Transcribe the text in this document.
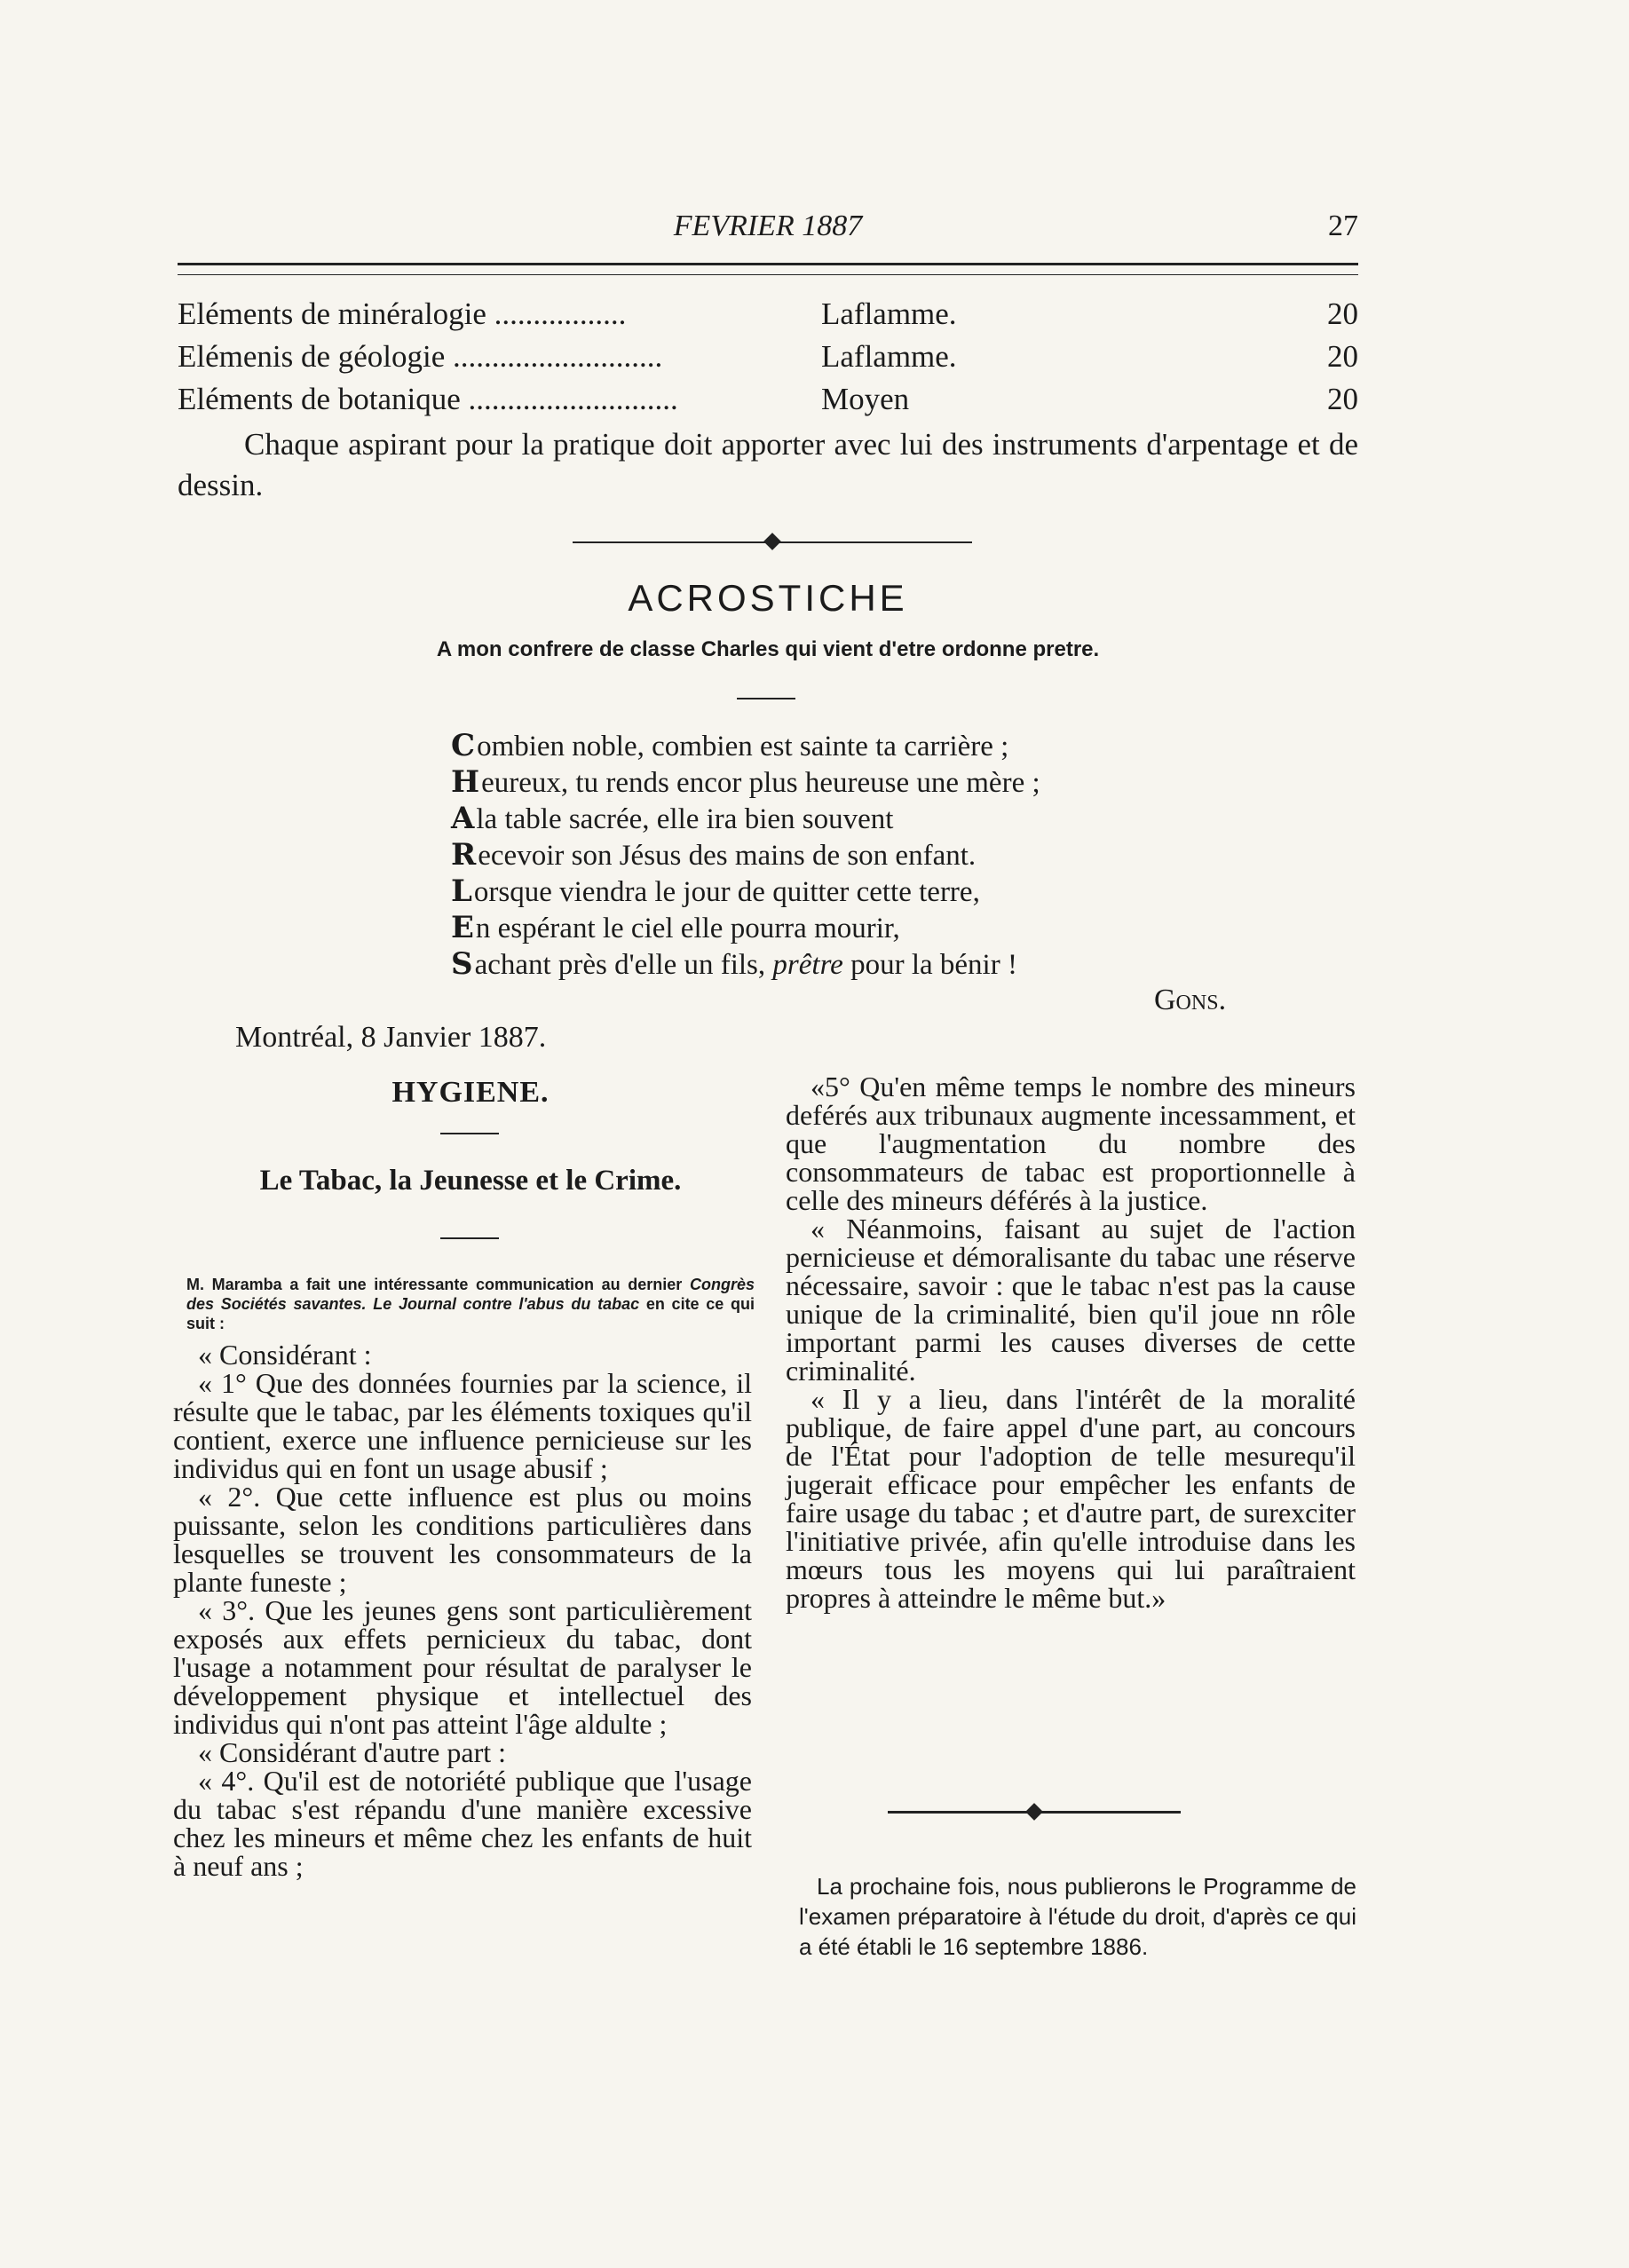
FEVRIER 1887	27
Eléments de minéralogie .................	Laflamme.	20
Elémenis de géologie ...........................	Laflamme.	20
Eléments de botanique ...........................	Moyen	20
Chaque aspirant pour la pratique doit apporter avec lui des instruments d'arpentage et de dessin.
ACROSTICHE
A mon confrere de classe Charles qui vient d'etre ordonne pretre.
Combien noble, combien est sainte ta carrière ;
Heureux, tu rends encor plus heureuse une mère ;
Ala table sacrée, elle ira bien souvent
Recevoir son Jésus des mains de son enfant.
Lorsque viendra le jour de quitter cette terre,
En espérant le ciel elle pourra mourir,
Sachant près d'elle un fils, prêtre pour la bénir !
Gons.
Montréal, 8 Janvier 1887.
HYGIENE.
Le Tabac, la Jeunesse et le Crime.
M. Maramba a fait une intéressante communication au dernier Congrès des Sociétés savantes. Le Journal contre l'abus du tabac en cite ce qui suit :

« Considérant :

« 1° Que des données fournies par la science, il résulte que le tabac, par les éléments toxiques qu'il contient, exerce une influence pernicieuse sur les individus qui en font un usage abusif ;

« 2°. Que cette influence est plus ou moins puissante, selon les conditions particulières dans lesquelles se trouvent les consommateurs de la plante funeste ;

« 3°. Que les jeunes gens sont particulièrement exposés aux effets pernicieux du tabac, dont l'usage a notamment pour résultat de paralyser le développement physique et intellectuel des individus qui n'ont pas atteint l'âge aldulte ;

« Considérant d'autre part :

« 4°. Qu'il est de notoriété publique que l'usage du tabac s'est répandu d'une manière excessive chez les mineurs et même chez les enfants de huit à neuf ans ;

«5° Qu'en même temps le nombre des mineurs deférés aux tribunaux augmente incessamment, et que l'augmentation du nombre des consommateurs de tabac est proportionnelle à celle des mineurs déférés à la justice.

« Néanmoins, faisant au sujet de l'action pernicieuse et démoralisante du tabac une réserve nécessaire, savoir : que le tabac n'est pas la cause unique de la criminalité, bien qu'il joue nn rôle important parmi les causes diverses de cette criminalité.

« Il y a lieu, dans l'intérêt de la moralité publique, de faire appel d'une part, au concours de l'État pour l'adoption de telle mesurequ'il jugerait efficace pour empêcher les enfants de faire usage du tabac ; et d'autre part, de surexciter l'initiative privée, afin qu'elle introduise dans les mœurs tous les moyens qui lui paraîtraient propres à atteindre le même but.»

La prochaine fois, nous publierons le Programme de l'examen préparatoire à l'étude du droit, d'après ce qui a été établi le 16 septembre 1886.
